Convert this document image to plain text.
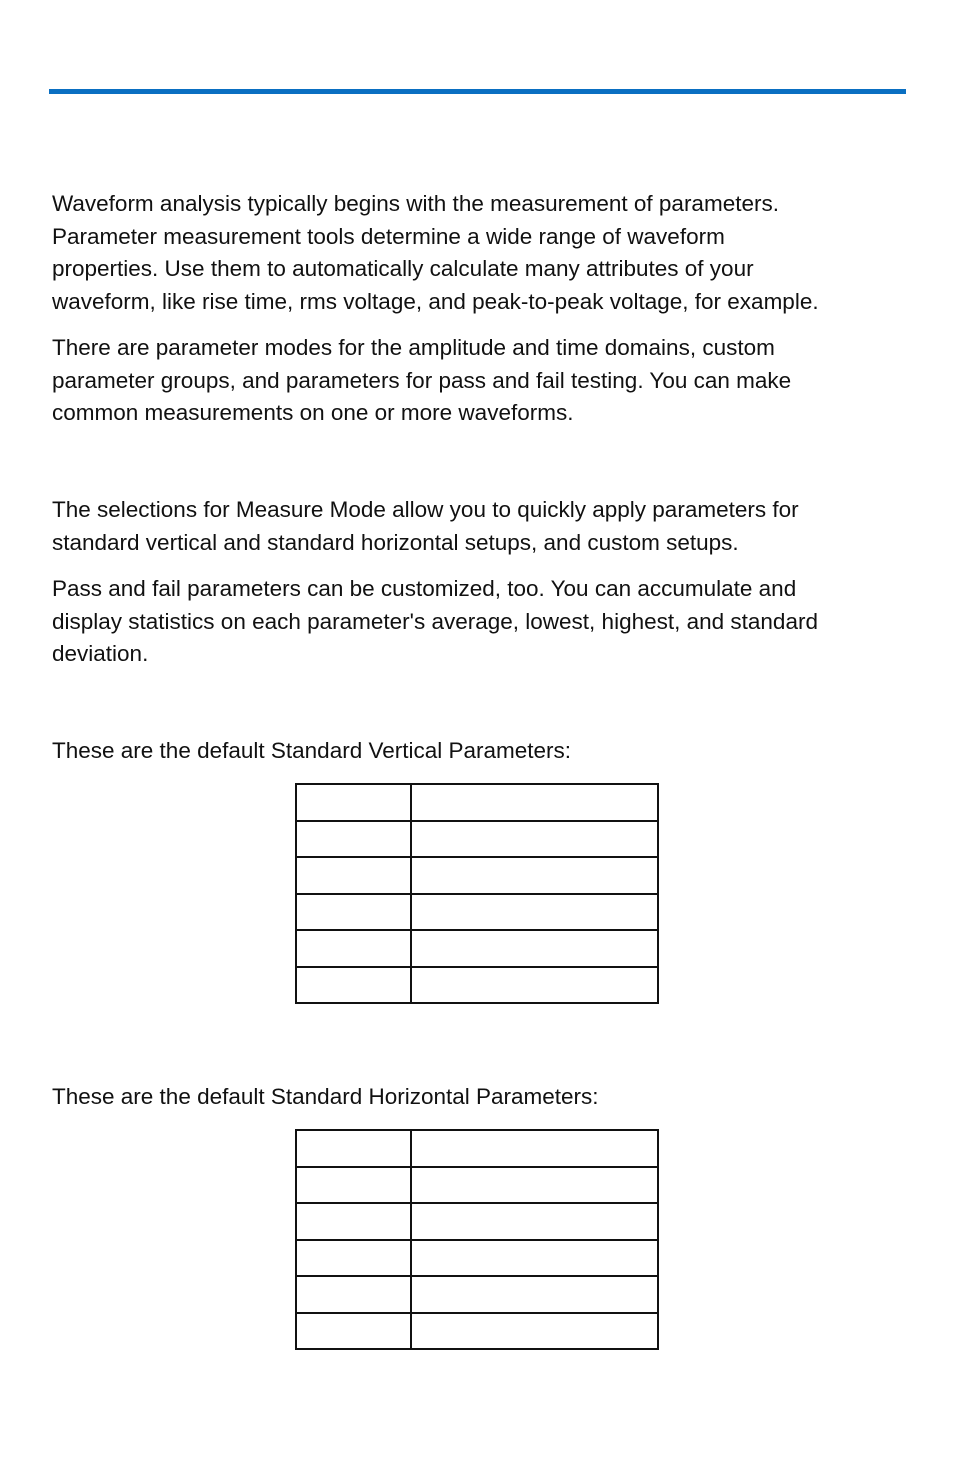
Waveform analysis typically begins with the measurement of parameters.
Parameter measurement tools determine a wide range of waveform
properties. Use them to automatically calculate many attributes of your
waveform, like rise time, rms voltage, and peak-to-peak voltage, for example.

There are parameter modes for the amplitude and time domains, custom
parameter groups, and parameters for pass and fail testing. You can make
common measurements on one or more waveforms.

The selections for Measure Mode allow you to quickly apply parameters for
standard vertical and standard horizontal setups, and custom setups.

Pass and fail parameters can be customized, too. You can accumulate and
display statistics on each parameter's average, lowest, highest, and standard
deviation.

These are the default Standard Vertical Parameters:

These are the default Standard Horizontal Parameters:
